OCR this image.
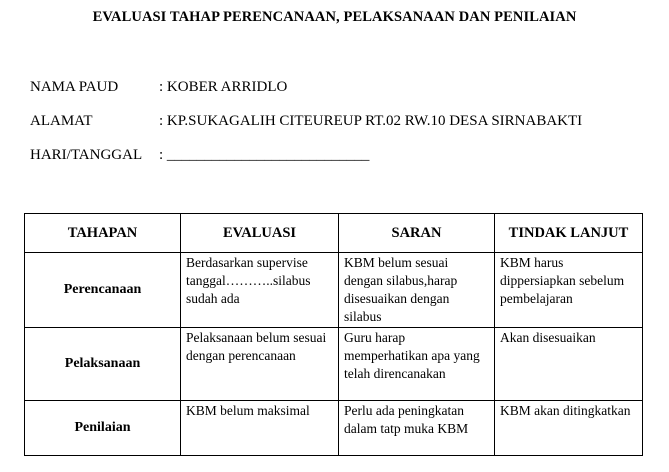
EVALUASI TAHAP PERENCANAAN, PELAKSANAAN DAN PENILAIAN
NAMA PAUD	: KOBER ARRIDLO
ALAMAT	: KP.SUKAGALIH CITEUREUP RT.02 RW.10 DESA SIRNABAKTI
HARI/TANGGAL : ___________________________
TAHAPAN	EVALUASI	SARAN	TINDAK LANJUT
Perencanaan	Berdasarkan supervise tanggal………..silabus sudah ada	KBM belum sesuai dengan silabus,harap disesuaikan dengan silabus	KBM harus dippersiapkan sebelum pembelajaran
Pelaksanaan	Pelaksanaan belum sesuai dengan perencanaan	Guru harap memperhatikan apa yang telah direncanakan	Akan disesuaikan
Penilaian	KBM belum maksimal	Perlu ada peningkatan dalam tatp muka KBM	KBM akan ditingkatkan
